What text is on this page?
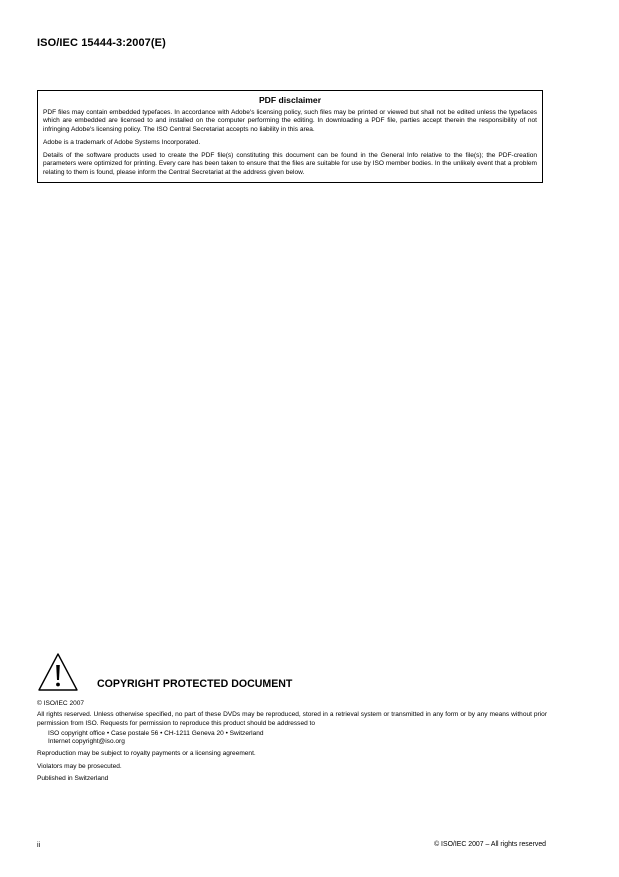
ISO/IEC 15444-3:2007(E)
PDF disclaimer

PDF files may contain embedded typefaces. In accordance with Adobe's licensing policy, such files may be printed or viewed but shall not be edited unless the typefaces which are embedded are licensed to and installed on the computer performing the editing. In downloading a PDF file, parties accept therein the responsibility of not infringing Adobe's licensing policy. The ISO Central Secretariat accepts no liability in this area.

Adobe is a trademark of Adobe Systems Incorporated.

Details of the software products used to create the PDF file(s) constituting this document can be found in the General Info relative to the file(s); the PDF-creation parameters were optimized for printing. Every care has been taken to ensure that the files are suitable for use by ISO member bodies. In the unlikely event that a problem relating to them is found, please inform the Central Secretariat at the address given below.

COPYRIGHT PROTECTED DOCUMENT

© ISO/IEC 2007

All rights reserved. Unless otherwise specified, no part of these DVDs may be reproduced, stored in a retrieval system or transmitted in any form or by any means without prior permission from ISO. Requests for permission to reproduce this product should be addressed to

ISO copyright office • Case postale 56 • CH-1211 Geneva 20 • Switzerland

Internet copyright@iso.org

Reproduction may be subject to royalty payments or a licensing agreement.

Violators may be prosecuted.

Published in Switzerland

ii	© ISO/IEC 2007 – All rights reserved
